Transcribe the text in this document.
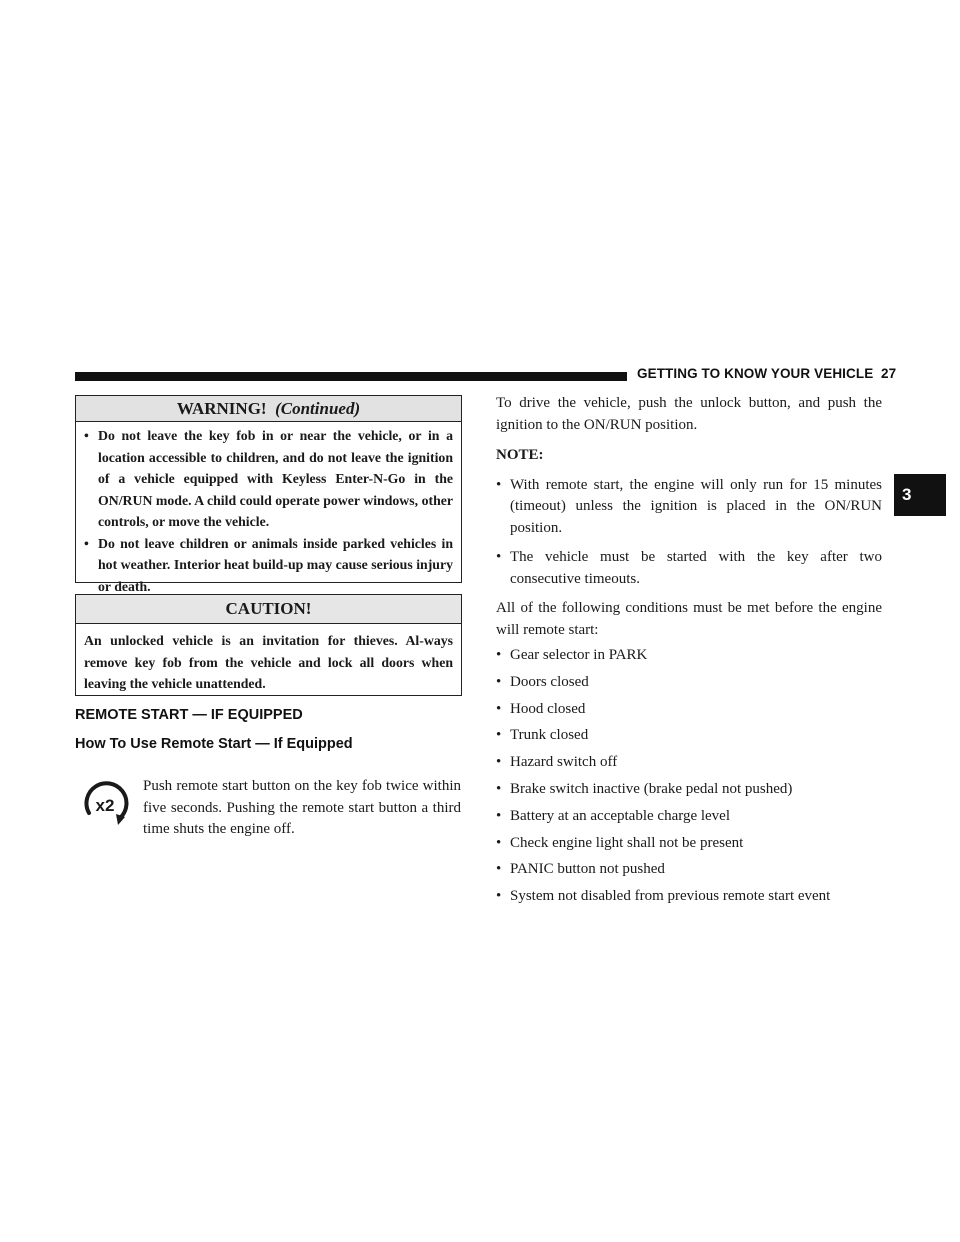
GETTING TO KNOW YOUR VEHICLE 27
3
WARNING! (Continued)
• Do not leave the key fob in or near the vehicle, or in a location accessible to children, and do not leave the ignition of a vehicle equipped with Keyless Enter-N-Go in the ON/RUN mode. A child could operate power windows, other controls, or move the vehicle.
• Do not leave children or animals inside parked vehicles in hot weather. Interior heat build-up may cause serious injury or death.
CAUTION!
An unlocked vehicle is an invitation for thieves. Al-ways remove key fob from the vehicle and lock all doors when leaving the vehicle unattended.
REMOTE START — IF EQUIPPED
How To Use Remote Start — If Equipped
x2
Push remote start button on the key fob twice within five seconds. Pushing the remote start button a third time shuts the engine off.

To drive the vehicle, push the unlock button, and push the ignition to the ON/RUN position.

NOTE:

• With remote start, the engine will only run for 15 minutes (timeout) unless the ignition is placed in the ON/RUN position.
• The vehicle must be started with the key after two consecutive timeouts.

All of the following conditions must be met before the engine will remote start:

• Gear selector in PARK
• Doors closed
• Hood closed
• Trunk closed
• Hazard switch off
• Brake switch inactive (brake pedal not pushed)
• Battery at an acceptable charge level
• Check engine light shall not be present
• PANIC button not pushed
• System not disabled from previous remote start event
